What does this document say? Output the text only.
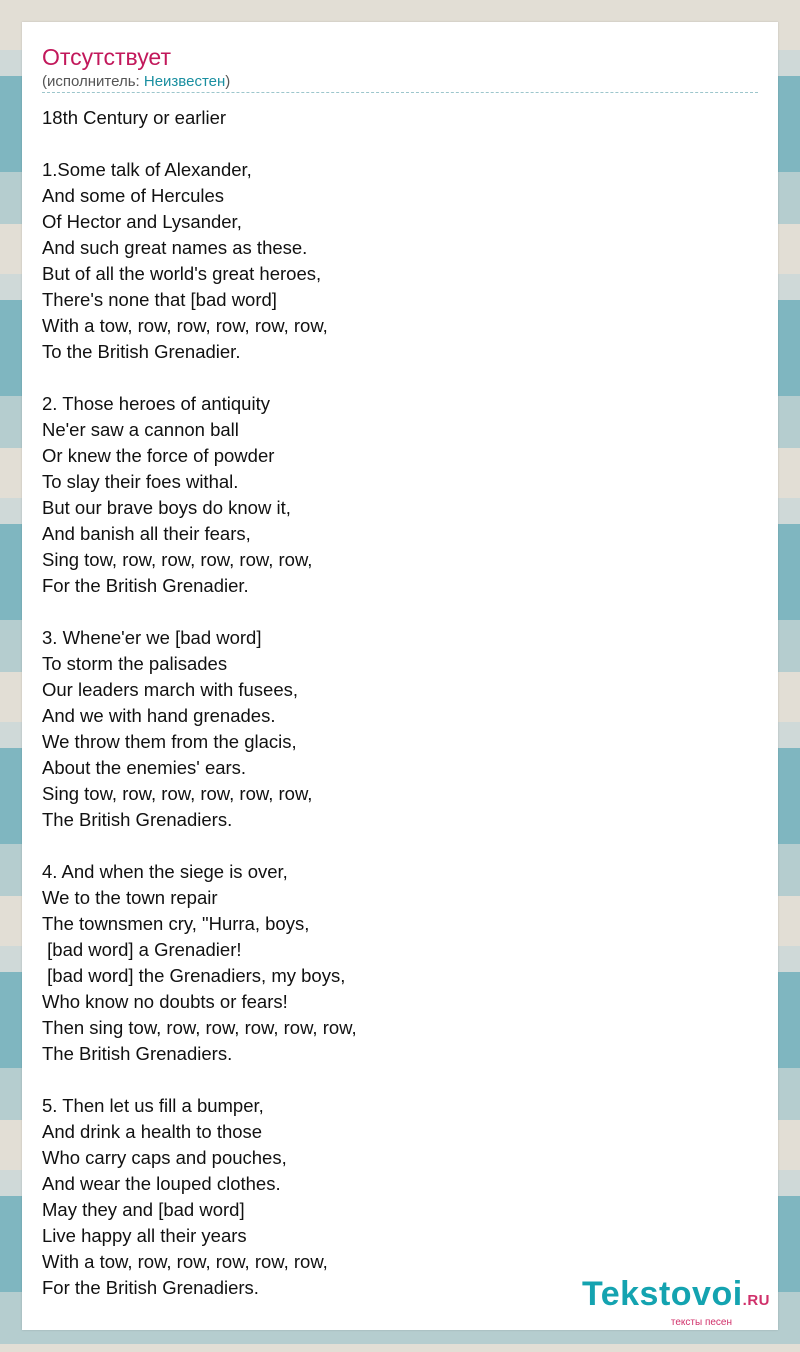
Отсутствует
(исполнитель: Неизвестен)
18th Century or earlier
1.Some talk of Alexander,
And some of Hercules
Of Hector and Lysander,
And such great names as these.
But of all the world's great heroes,
There's none that [bad word]
With a tow, row, row, row, row, row,
To the British Grenadier.
2. Those heroes of antiquity
Ne'er saw a cannon ball
Or knew the force of powder
To slay their foes withal.
But our brave boys do know it,
And banish all their fears,
Sing tow, row, row, row, row, row,
For the British Grenadier.
3. Whene'er we [bad word]
To storm the palisades
Our leaders march with fusees,
And we with hand grenades.
We throw them from the glacis,
About the enemies' ears.
Sing tow, row, row, row, row, row,
The British Grenadiers.
4. And when the siege is over,
We to the town repair
The townsmen cry, "Hurra, boys,
[bad word] a Grenadier!
[bad word] the Grenadiers, my boys,
Who know no doubts or fears!
Then sing tow, row, row, row, row, row,
The British Grenadiers.
5. Then let us fill a bumper,
And drink a health to those
Who carry caps and pouches,
And wear the louped clothes.
May they and [bad word]
Live happy all their years
With a tow, row, row, row, row, row,
For the British Grenadiers.	Tekstovoi.RU
тексты песен
